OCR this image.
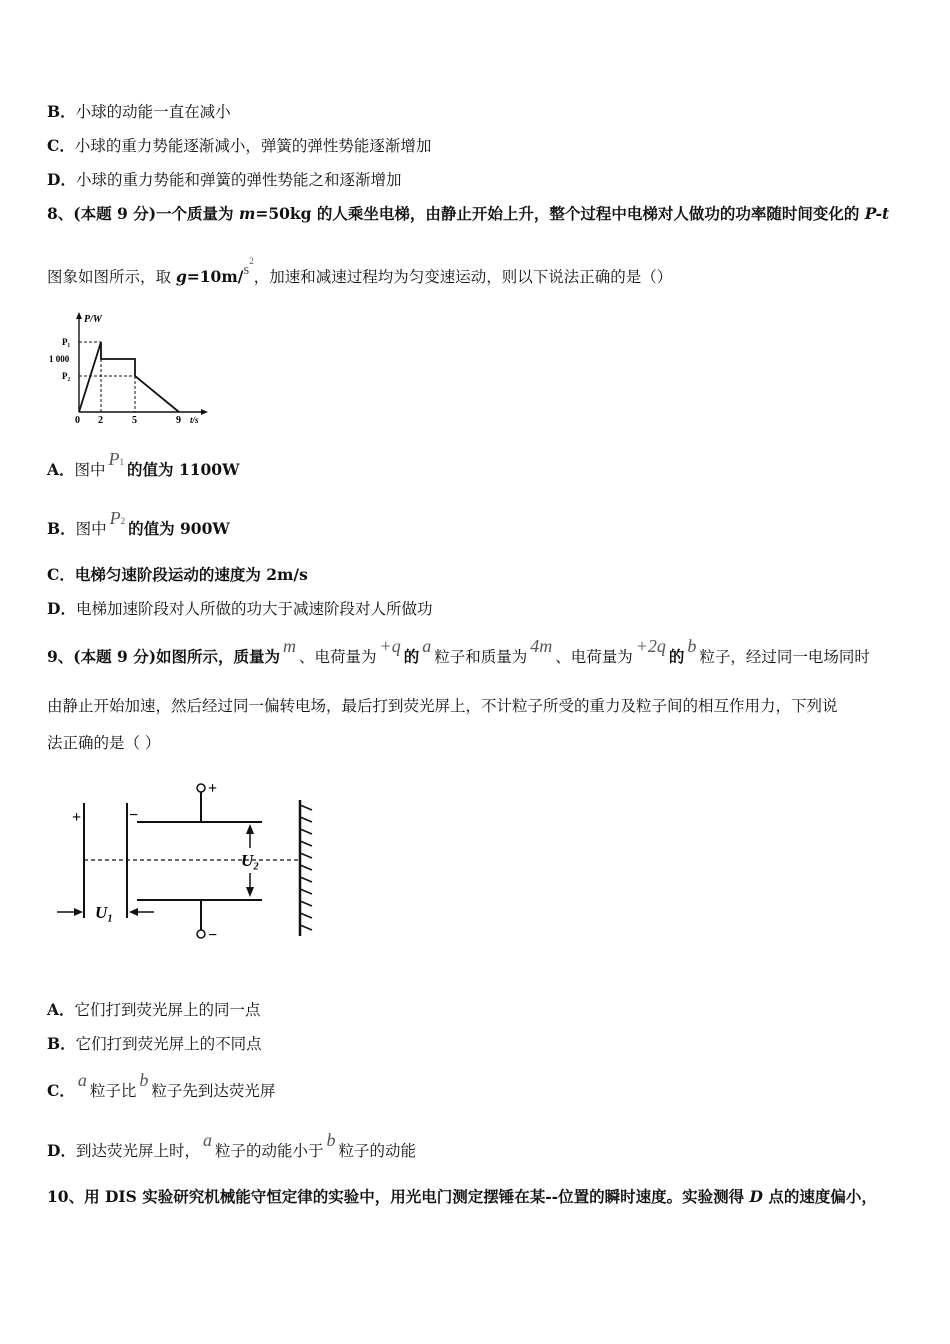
B．小球的动能一直在减小
C．小球的重力势能逐渐减小，弹簧的弹性势能逐渐增加
D．小球的重力势能和弹簧的弹性势能之和逐渐增加
8、(本题 9 分)一个质量为 m=50kg 的人乘坐电梯，由静止开始上升，整个过程中电梯对人做功的功率随时间变化的 P-t
图象如图所示，取 $g=10m/s^2$，加速和减速过程均为匀变速运动，则以下说法正确的是（）
P/W
P₁
1 000
P₂
0 2	5	9 t/s
A．图中P1 的值为 1100W
B．图中P2 的值为 900W
C．电梯匀速阶段运动的速度为 2m/s
D．电梯加速阶段对人所做的功大于减速阶段对人所做功
9、(本题 9 分)如图所示，质量为m、电荷量为+q的a粒子和质量为4m、电荷量为+2q的b粒子，经过同一电场同时
由静止开始加速，然后经过同一偏转电场，最后打到荧光屏上，不计粒子所受的重力及粒子间的相互作用力，下列说
法正确的是（ ）
+	−
+
−
U₁
U₂
A．它们打到荧光屏上的同一点
B．它们打到荧光屏上的不同点
C．a粒子比b粒子先到达荧光屏
D．到达荧光屏上时，a粒子的动能小于b粒子的动能
10、用 DIS 实验研究机械能守恒定律的实验中，用光电门测定摆锤在某--位置的瞬时速度。实验测得 D 点的速度偏小，
